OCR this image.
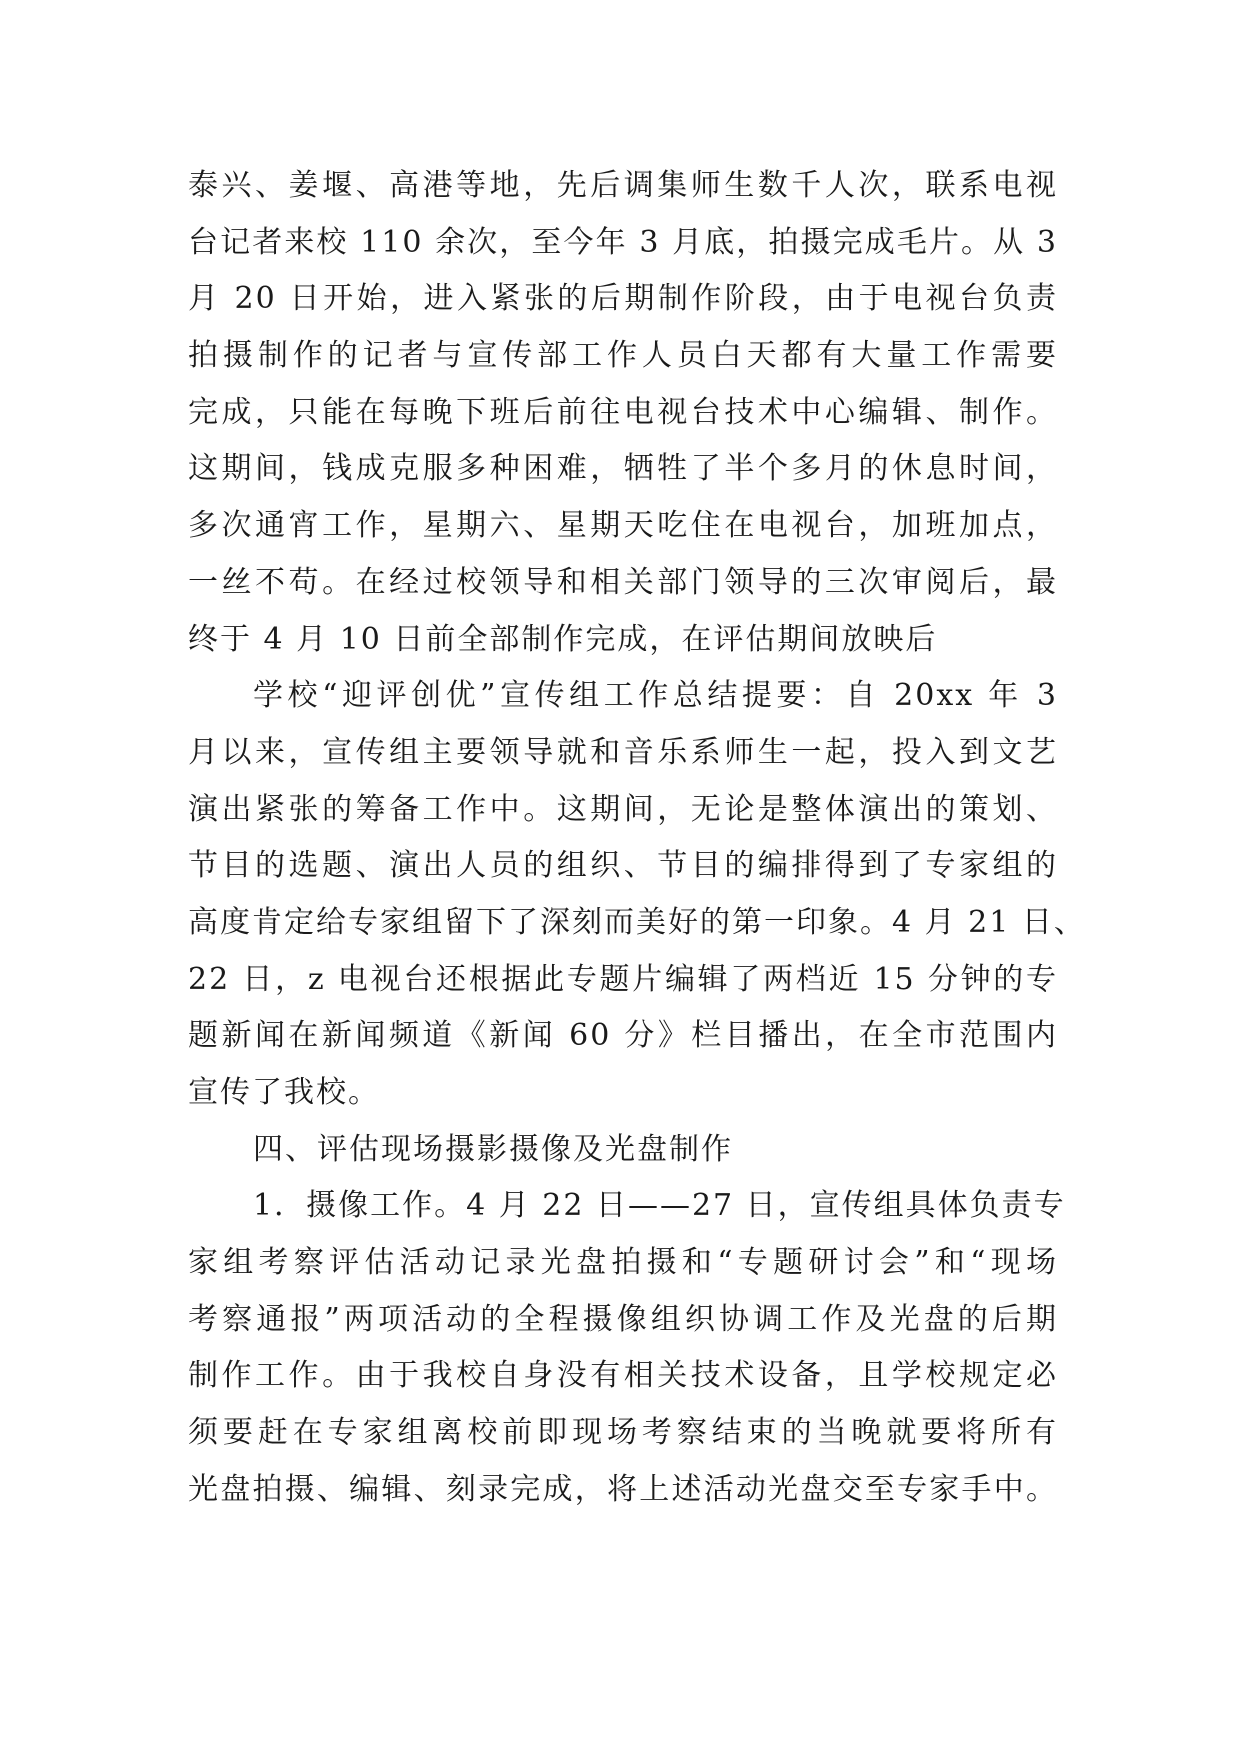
泰兴、姜堰、高港等地，先后调集师生数千人次，联系电视
台记者来校 110 余次，至今年 3 月底，拍摄完成毛片。从 3
月 20 日开始，进入紧张的后期制作阶段，由于电视台负责
拍摄制作的记者与宣传部工作人员白天都有大量工作需要
完成，只能在每晚下班后前往电视台技术中心编辑、制作。
这期间，钱成克服多种困难，牺牲了半个多月的休息时间，
多次通宵工作，星期六、星期天吃住在电视台，加班加点，
一丝不苟。在经过校领导和相关部门领导的三次审阅后，最
终于 4 月 10 日前全部制作完成，在评估期间放映后
学校“迎评创优”宣传组工作总结提要：自 20xx 年 3
月以来，宣传组主要领导就和音乐系师生一起，投入到文艺
演出紧张的筹备工作中。这期间，无论是整体演出的策划、
节目的选题、演出人员的组织、节目的编排得到了专家组的
高度肯定给专家组留下了深刻而美好的第一印象。4 月 21 日、
22 日，z 电视台还根据此专题片编辑了两档近 15 分钟的专
题新闻在新闻频道《新闻 60 分》栏目播出，在全市范围内
宣传了我校。
四、评估现场摄影摄像及光盘制作
1．摄像工作。4 月 22 日——27 日，宣传组具体负责专
家组考察评估活动记录光盘拍摄和“专题研讨会”和“现场
考察通报”两项活动的全程摄像组织协调工作及光盘的后期
制作工作。由于我校自身没有相关技术设备，且学校规定必
须要赶在专家组离校前即现场考察结束的当晚就要将所有
光盘拍摄、编辑、刻录完成，将上述活动光盘交至专家手中。
